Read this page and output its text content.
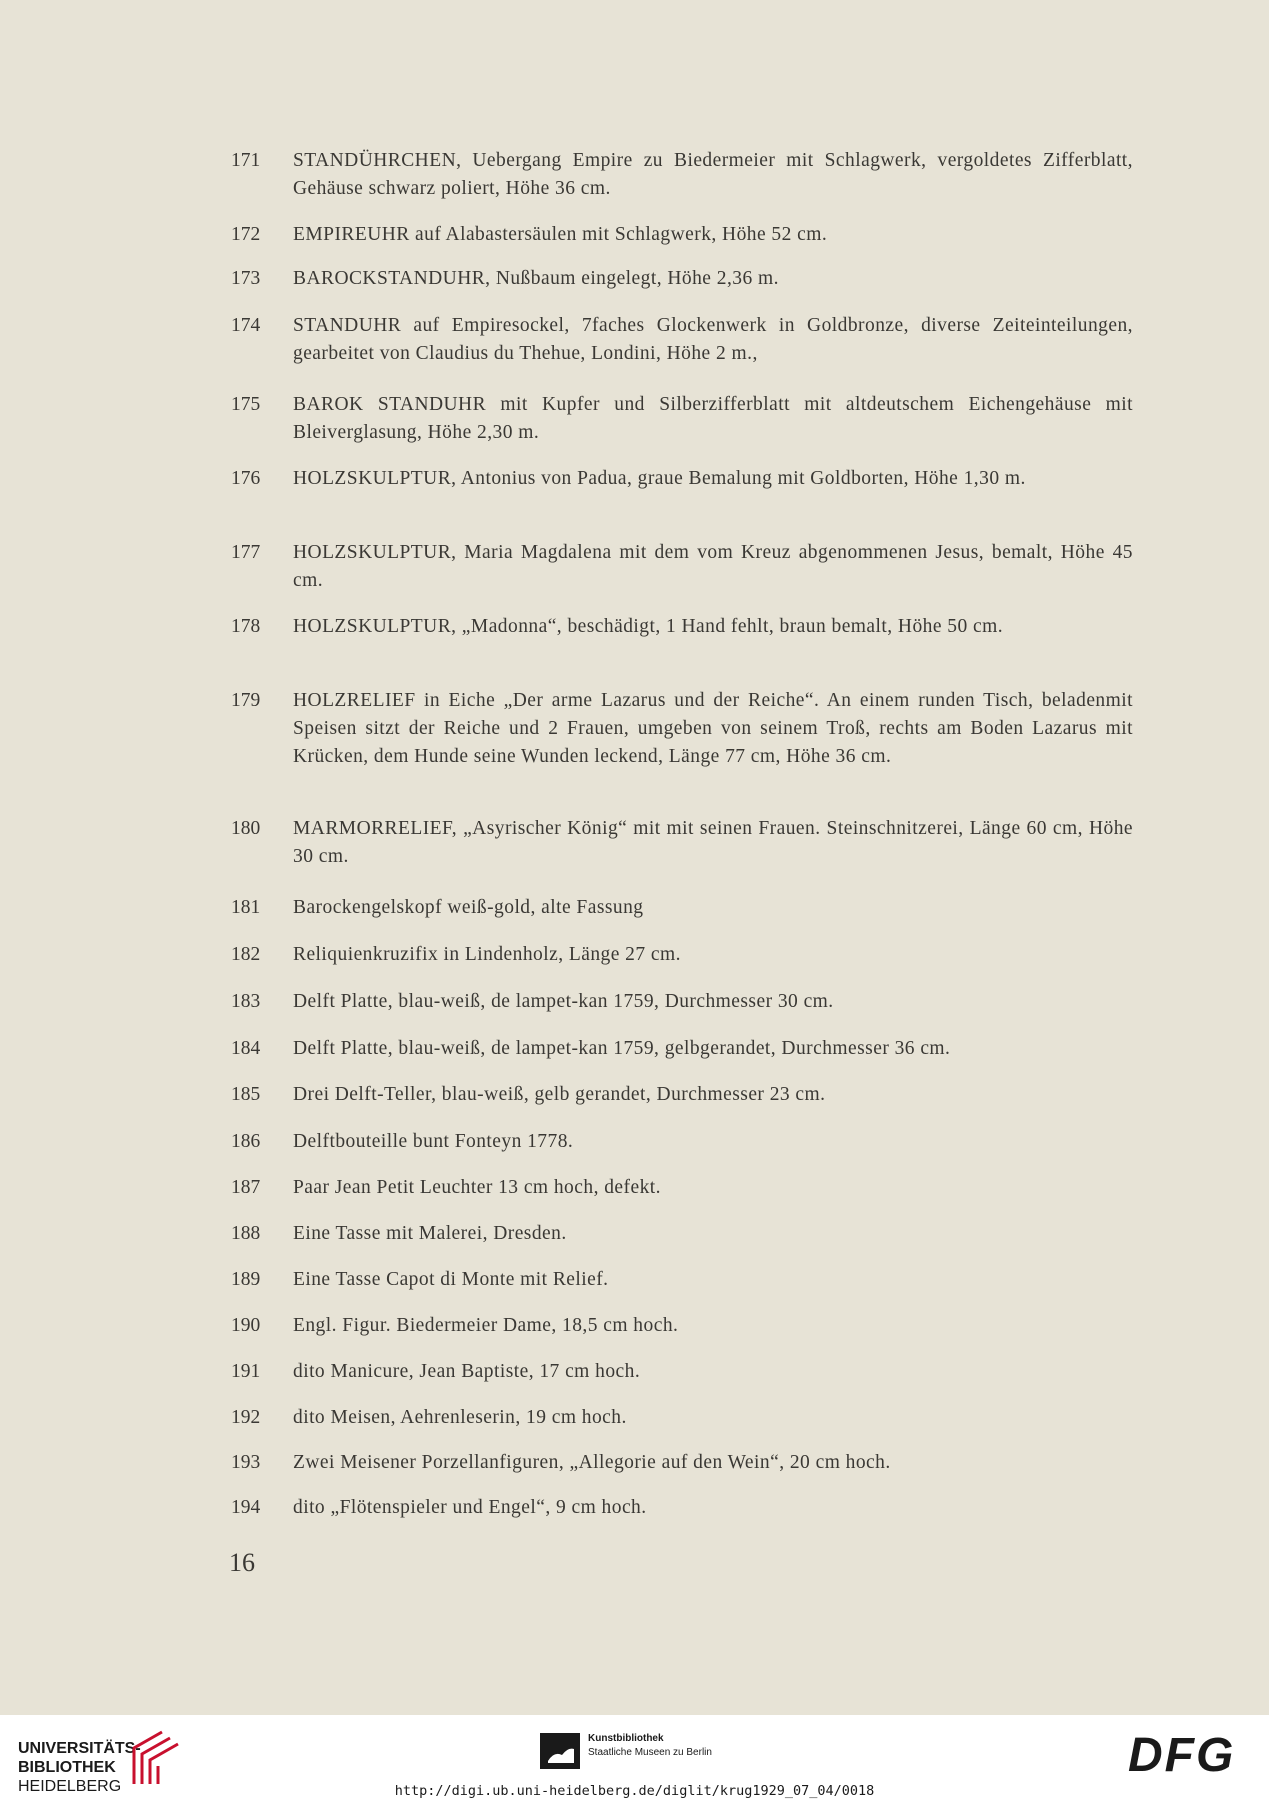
171	STANDÜHRCHEN, Uebergang Empire zu Biedermeier mit Schlagwerk, vergoldetes Zifferblatt, Gehäuse schwarz poliert, Höhe 36 cm.
172	EMPIREUHR auf Alabastersäulen mit Schlagwerk, Höhe 52 cm.
173	BAROCKSTANDUHR, Nußbaum eingelegt, Höhe 2,36 m.
174	STANDUHR auf Empiresockel, 7faches Glockenwerk in Goldbronze, diverse Zeiteinteilungen, gearbeitet von Claudius du Thehue, Londini, Höhe 2 m.,
175	BAROK STANDUHR mit Kupfer und Silberzifferblatt mit altdeutschem Eichengehäuse mit Bleiverglasung, Höhe 2,30 m.
176	HOLZSKULPTUR, Antonius von Padua, graue Bemalung mit Goldborten, Höhe 1,30 m.
177	HOLZSKULPTUR, Maria Magdalena mit dem vom Kreuz abgenommenen Jesus, bemalt, Höhe 45 cm.
178	HOLZSKULPTUR, „Madonna“, beschädigt, 1 Hand fehlt, braun bemalt, Höhe 50 cm.
179	HOLZRELIEF in Eiche „Der arme Lazarus und der Reiche“. An einem runden Tisch, beladenmit Speisen sitzt der Reiche und 2 Frauen, umgeben von seinem Troß, rechts am Boden Lazarus mit Krücken, dem Hunde seine Wunden leckend, Länge 77 cm, Höhe 36 cm.
180	MARMORRELIEF, „Asyrischer König“ mit mit seinen Frauen. Steinschnitzerei, Länge 60 cm, Höhe 30 cm.
181	Barockengelskopf weiß-gold, alte Fassung
182	Reliquienkruzifix in Lindenholz, Länge 27 cm.
183	Delft Platte, blau-weiß, de lampet-kan 1759, Durchmesser 30 cm.
184	Delft Platte, blau-weiß, de lampet-kan 1759, gelbgerandet, Durchmesser 36 cm.
185	Drei Delft-Teller, blau-weiß, gelb gerandet, Durchmesser 23 cm.
186	Delftbouteille bunt Fonteyn 1778.
187	Paar Jean Petit Leuchter 13 cm hoch, defekt.
188	Eine Tasse mit Malerei, Dresden.
189	Eine Tasse Capot di Monte mit Relief.
190	Engl. Figur. Biedermeier Dame, 18,5 cm hoch.
191	dito Manicure, Jean Baptiste, 17 cm hoch.
192	dito Meisen, Aehrenleserin, 19 cm hoch.
193	Zwei Meisener Porzellanfiguren, „Allegorie auf den Wein“, 20 cm hoch.
194	dito „Flötenspieler und Engel“, 9 cm hoch.
16
UNIVERSITÄTS-
BIBLIOTHEK
HEIDELBERG
Kunstbibliothek
Staatliche Museen zu Berlin	DFG
http://digi.ub.uni-heidelberg.de/diglit/krug1929_07_04/0018
